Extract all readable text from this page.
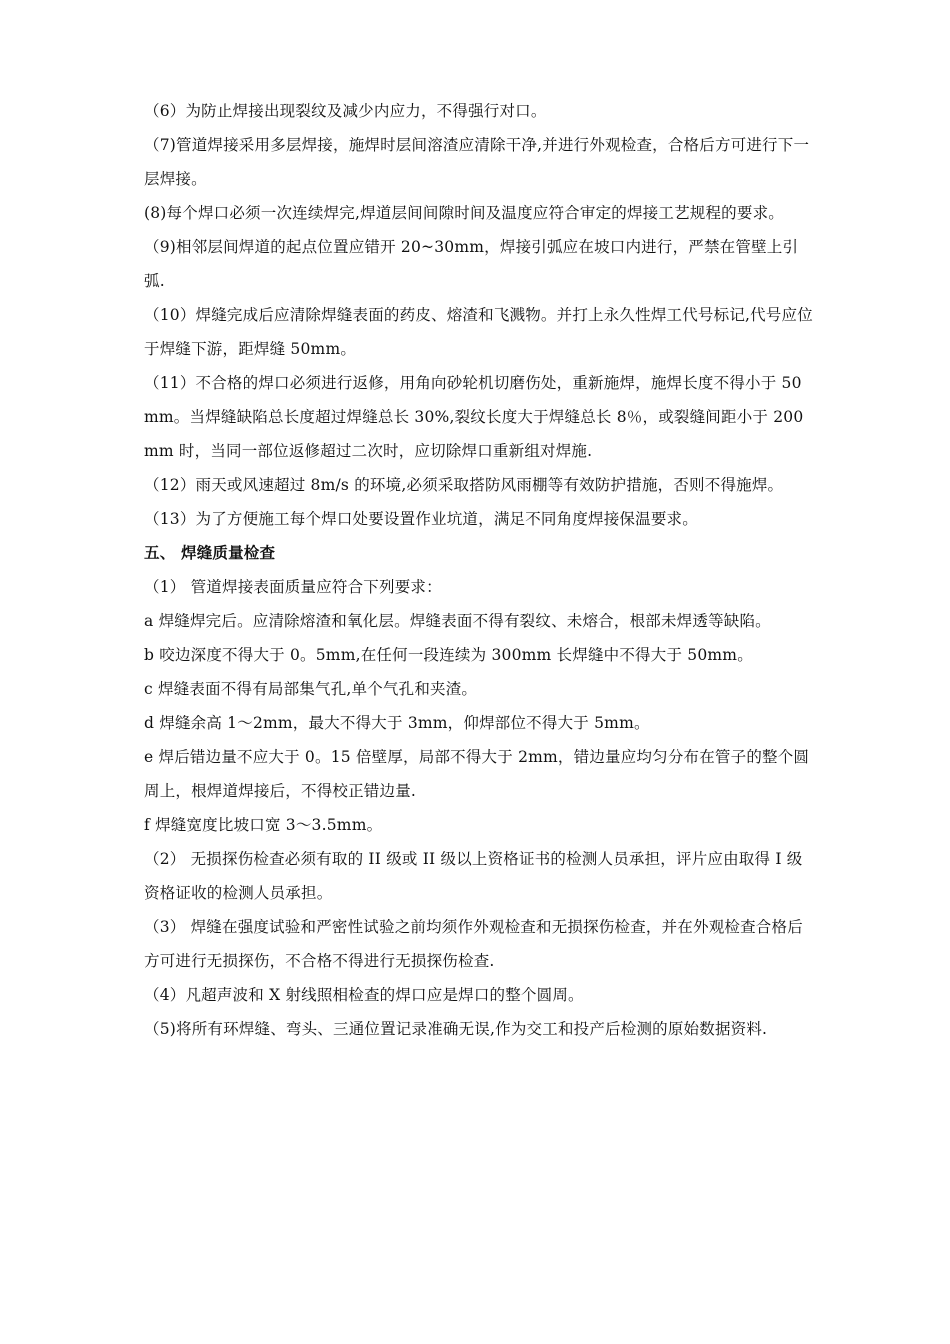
（6）为防止焊接出现裂纹及减少内应力，不得强行对口。

（7)管道焊接采用多层焊接，施焊时层间溶渣应清除干净,并进行外观检查，合格后方可进行下一层焊接。

(8)每个焊口必须一次连续焊完,焊道层间间隙时间及温度应符合审定的焊接工艺规程的要求。

（9)相邻层间焊道的起点位置应错开 20~30mm，焊接引弧应在坡口内进行，严禁在管壁上引弧.

（10）焊缝完成后应清除焊缝表面的药皮、熔渣和飞溅物。并打上永久性焊工代号标记,代号应位于焊缝下游，距焊缝 50mm。

（11）不合格的焊口必须进行返修，用角向砂轮机切磨伤处，重新施焊，施焊长度不得小于 50mm。当焊缝缺陷总长度超过焊缝总长 30%,裂纹长度大于焊缝总长 8％，或裂缝间距小于 200mm 时，当同一部位返修超过二次时，应切除焊口重新组对焊施.

（12）雨天或风速超过 8m/s 的环境,必须采取搭防风雨棚等有效防护措施，否则不得施焊。

（13）为了方便施工每个焊口处要设置作业坑道，满足不同角度焊接保温要求。

五、 焊缝质量检查

（1） 管道焊接表面质量应符合下列要求：

a 焊缝焊完后。应清除熔渣和氧化层。焊缝表面不得有裂纹、未熔合，根部未焊透等缺陷。

b 咬边深度不得大于 0。5mm,在任何一段连续为 300mm 长焊缝中不得大于 50mm。

c 焊缝表面不得有局部集气孔,单个气孔和夹渣。

d 焊缝余高 1～2mm，最大不得大于 3mm，仰焊部位不得大于 5mm。

e 焊后错边量不应大于 0。15 倍壁厚，局部不得大于 2mm，错边量应均匀分布在管子的整个圆周上，根焊道焊接后，不得校正错边量.

f 焊缝宽度比坡口宽 3～3.5mm。

（2） 无损探伤检查必须有取的 II 级或 II 级以上资格证书的检测人员承担，评片应由取得 I 级资格证收的检测人员承担。

（3） 焊缝在强度试验和严密性试验之前均须作外观检查和无损探伤检查，并在外观检查合格后方可进行无损探伤，不合格不得进行无损探伤检查.

（4）凡超声波和 X 射线照相检查的焊口应是焊口的整个圆周。

（5)将所有环焊缝、弯头、三通位置记录准确无误,作为交工和投产后检测的原始数据资料.
